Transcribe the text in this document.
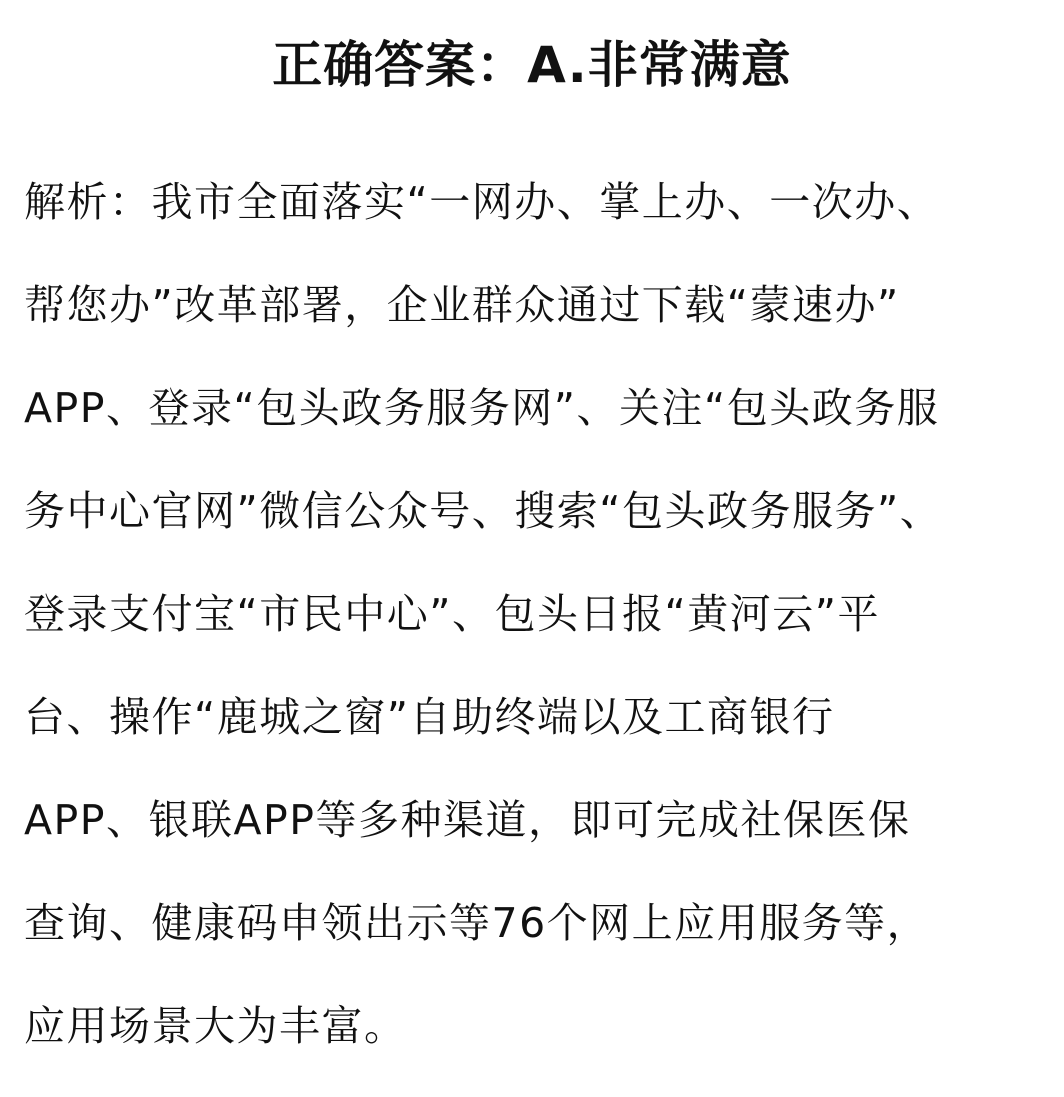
正确答案：A.非常满意
解析：我市全面落实“一网办、掌上办、一次办、
帮您办”改革部署，企业群众通过下载“蒙速办”
APP、登录“包头政务服务网”、关注“包头政务服
务中心官网”微信公众号、搜索“包头政务服务”、
登录支付宝“市民中心”、包头日报“黄河云”平
台、操作“鹿城之窗”自助终端以及工商银行
APP、银联APP等多种渠道，即可完成社保医保
查询、健康码申领出示等76个网上应用服务等，
应用场景大为丰富。
